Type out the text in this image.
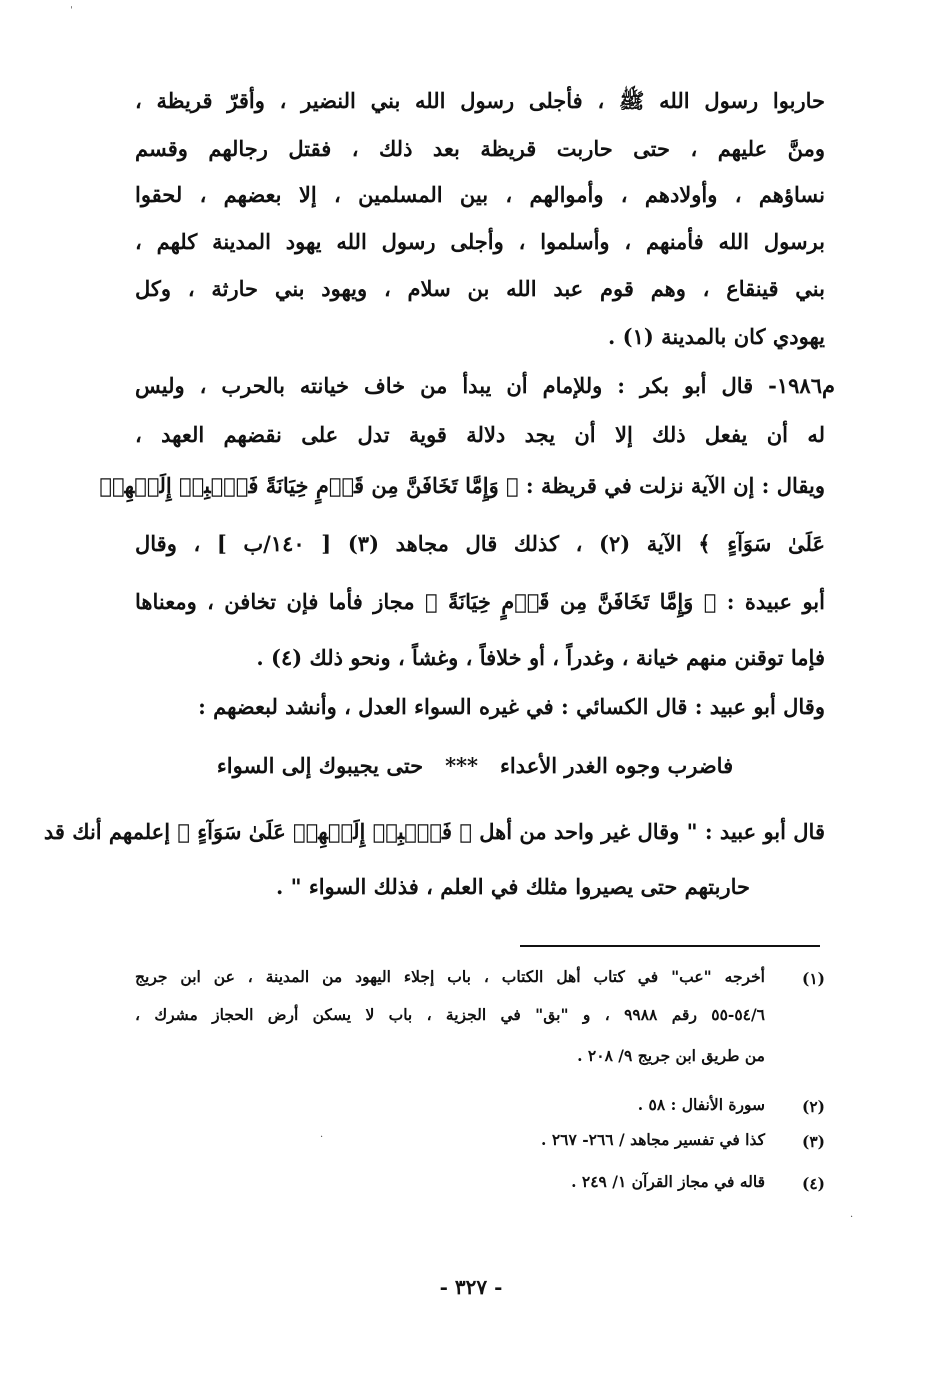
حاربوا رسول الله ﷺ ، فأجلى رسول الله بني النضير ، وأقرّ قريظة ،
ومنَّ عليهم ، حتى حاربت قريظة بعد ذلك ، فقتل رجالهم وقسم
نساؤهم ، وأولادهم ، وأموالهم ، بين المسلمين ، إلا بعضهم ، لحقوا
برسول الله فأمنهم ، وأسلموا ، وأجلى رسول الله يهود المدينة كلهم ،
بني قينقاع ، وهم قوم عبد الله بن سلام ، ويهود بني حارثة ، وكل
يهودي كان بالمدينة (١) .
م١٩٨٦- قال أبو بكر : وللإمام أن يبدأ من خاف خيانته بالحرب ، وليس
له أن يفعل ذلك إلا أن يجد دلالة قوية تدل على نقضهم العهد ،
ويقال : إن الآية نزلت في قريظة : ﴿ وَإِمَّا تَخَافَنَّ مِن قَوۡمٍ خِيَانَةً فَٱنۢبِذۡ إِلَيۡهِمۡ
عَلَىٰ سَوَآءٍ ﴾ الآية (٢) ، كذلك قال مجاهد (٣) [ ١٤٠/ب ] ، وقال
أبو عبيدة : ﴿ وَإِمَّا تَخَافَنَّ مِن قَوۡمٍ خِيَانَةً ﴾ مجاز فأما فإن تخافن ، ومعناها
فإما توقنن منهم خيانة ، وغدراً ، أو خلافاً ، وغشاً ، ونحو ذلك (٤) .
وقال أبو عبيد : قال الكسائي : في غيره السواء العدل ، وأنشد لبعضهم :
فاضرب وجوه الغدر الأعداء   ***   حتى يجيبوك إلى السواء
قال أبو عبيد : " وقال غير واحد من أهل ﴿ فَٱنۢبِذۡ إِلَيۡهِمۡ عَلَىٰ سَوَآءٍ ﴾ إعلمهم أنك قد
حاربتهم حتى يصيروا مثلك في العلم ، فذلك السواء " .
(١)
أخرجه "عب" في كتاب أهل الكتاب ، باب إجلاء اليهود من المدينة ، عن ابن جريج
٥٤/٦-٥٥ رقم ٩٩٨٨ ، و "بق" في الجزية ، باب لا يسكن أرض الحجاز مشرك ،
من طريق ابن جريج ٩/ ٢٠٨ .
(٢)
سورة الأنفال : ٥٨ .
(٣)
كذا في تفسير مجاهد / ٢٦٦- ٢٦٧ .
(٤)
قاله في مجاز القرآن ١/ ٢٤٩ .
- ٣٢٧ -
ˈ
·
·
